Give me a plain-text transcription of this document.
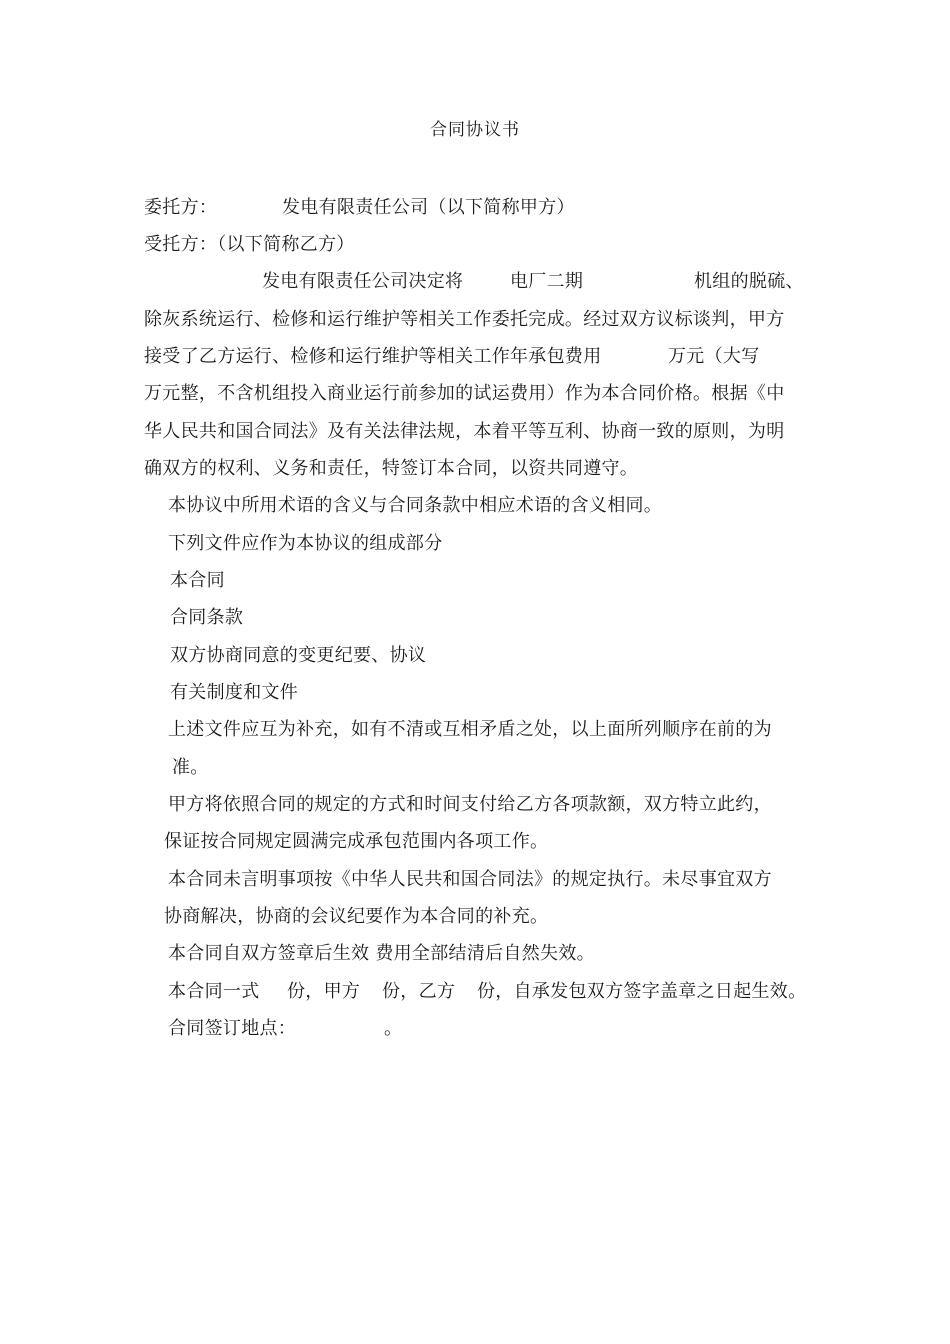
合同协议书
委托方：	发电有限责任公司（以下简称甲方）
受托方：（以下简称乙方）
发电有限责任公司决定将	电厂二期	机组的脱硫、
除灰系统运行、检修和运行维护等相关工作委托完成。经过双方议标谈判，甲方
接受了乙方运行、检修和运行维护等相关工作年承包费用	万元（大写
万元整，不含机组投入商业运行前参加的试运费用）作为本合同价格。根据《中
华人民共和国合同法》及有关法律法规，本着平等互利、协商一致的原则，为明
确双方的权利、义务和责任，特签订本合同，以资共同遵守。
本协议中所用术语的含义与合同条款中相应术语的含义相同。
下列文件应作为本协议的组成部分
本合同
合同条款
双方协商同意的变更纪要、协议
有关制度和文件
上述文件应互为补充，如有不清或互相矛盾之处，以上面所列顺序在前的为
准。
甲方将依照合同的规定的方式和时间支付给乙方各项款额，双方特立此约，
保证按合同规定圆满完成承包范围内各项工作。
本合同未言明事项按《中华人民共和国合同法》的规定执行。未尽事宜双方
协商解决，协商的会议纪要作为本合同的补充。
本合同自双方签章后生效 费用全部结清后自然失效。
本合同一式 份，甲方 份，乙方 份，自承发包双方签字盖章之日起生效。
合同签订地点：	。
